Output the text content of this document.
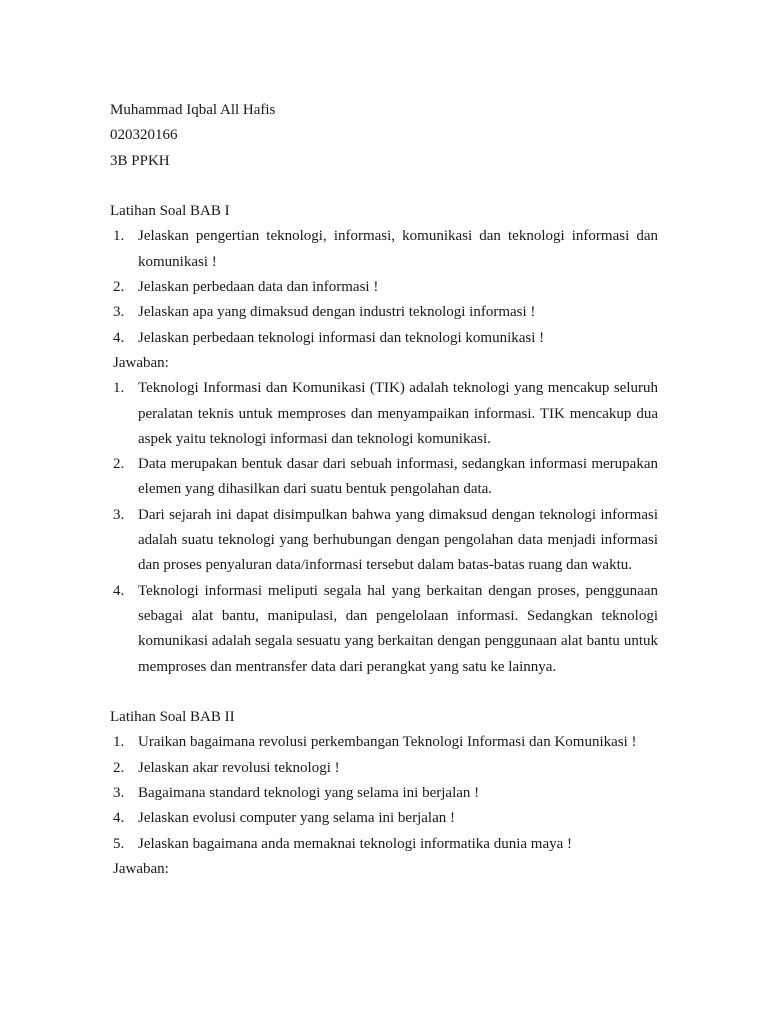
Muhammad Iqbal All Hafis
020320166
3B PPKH
Latihan Soal BAB I
1. Jelaskan pengertian teknologi, informasi, komunikasi dan teknologi informasi dan komunikasi !
2. Jelaskan perbedaan data dan informasi !
3. Jelaskan apa yang dimaksud dengan industri teknologi informasi !
4. Jelaskan perbedaan teknologi informasi dan teknologi komunikasi !
Jawaban:
1. Teknologi Informasi dan Komunikasi (TIK) adalah teknologi yang mencakup seluruh peralatan teknis untuk memproses dan menyampaikan informasi. TIK mencakup dua aspek yaitu teknologi informasi dan teknologi komunikasi.
2. Data merupakan bentuk dasar dari sebuah informasi, sedangkan informasi merupakan elemen yang dihasilkan dari suatu bentuk pengolahan data.
3. Dari sejarah ini dapat disimpulkan bahwa yang dimaksud dengan teknologi informasi adalah suatu teknologi yang berhubungan dengan pengolahan data menjadi informasi dan proses penyaluran data/informasi tersebut dalam batas-batas ruang dan waktu.
4. Teknologi informasi meliputi segala hal yang berkaitan dengan proses, penggunaan sebagai alat bantu, manipulasi, dan pengelolaan informasi. Sedangkan teknologi komunikasi adalah segala sesuatu yang berkaitan dengan penggunaan alat bantu untuk memproses dan mentransfer data dari perangkat yang satu ke lainnya.
Latihan Soal BAB II
1. Uraikan bagaimana revolusi perkembangan Teknologi Informasi dan Komunikasi !
2. Jelaskan akar revolusi teknologi !
3. Bagaimana standard teknologi yang selama ini berjalan !
4. Jelaskan evolusi computer yang selama ini berjalan !
5. Jelaskan bagaimana anda memaknai teknologi informatika dunia maya !
Jawaban:
